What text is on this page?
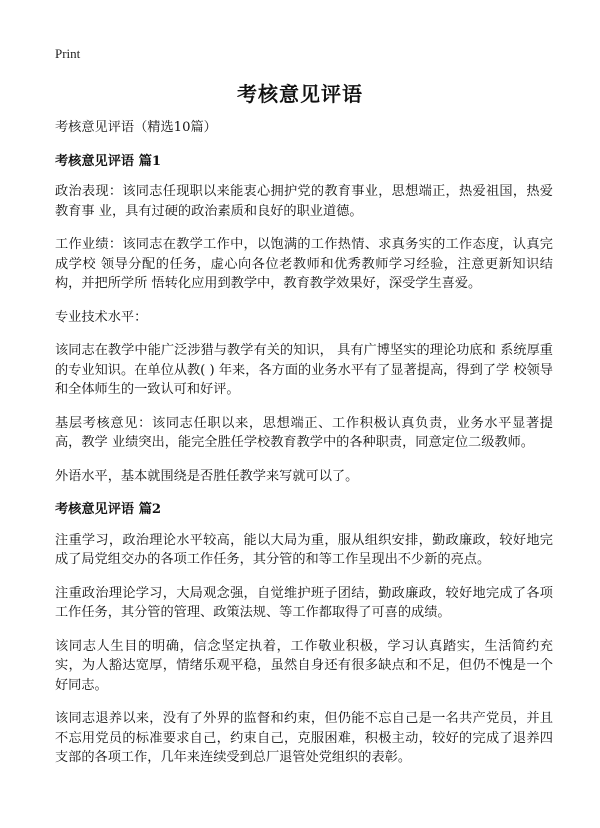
Print
考核意见评语

考核意见评语（精选10篇）

考核意见评语 篇1

政治表现：该同志任现职以来能衷心拥护党的教育事业，思想端正，热爱祖国，热爱教育事 业，具有过硬的政治素质和良好的职业道德。

工作业绩：该同志在教学工作中，以饱满的工作热情、求真务实的工作态度，认真完成学校 领导分配的任务，虚心向各位老教师和优秀教师学习经验，注意更新知识结构，并把所学所 悟转化应用到教学中，教育教学效果好，深受学生喜爱。

专业技术水平：

该同志在教学中能广泛涉猎与教学有关的知识， 具有广博坚实的理论功底和 系统厚重的专业知识。在单位从教( ) 年来，各方面的业务水平有了显著提高，得到了学 校领导和全体师生的一致认可和好评。

基层考核意见：该同志任职以来，思想端正、工作积极认真负责，业务水平显著提高，教学 业绩突出，能完全胜任学校教育教学中的各种职责，同意定位二级教师。

外语水平，基本就围绕是否胜任教学来写就可以了。

考核意见评语 篇2

注重学习，政治理论水平较高，能以大局为重，服从组织安排，勤政廉政，较好地完成了局党组交办的各项工作任务，其分管的和等工作呈现出不少新的亮点。

注重政治理论学习，大局观念强，自觉维护班子团结，勤政廉政，较好地完成了各项工作任务，其分管的管理、政策法规、等工作都取得了可喜的成绩。

该同志人生目的明确，信念坚定执着，工作敬业积极，学习认真踏实，生活简约充实，为人豁达宽厚，情绪乐观平稳，虽然自身还有很多缺点和不足，但仍不愧是一个好同志。

该同志退养以来，没有了外界的监督和约束，但仍能不忘自己是一名共产党员，并且不忘用党员的标准要求自己，约束自己，克服困难，积极主动，较好的完成了退养四支部的各项工作，几年来连续受到总厂退管处党组织的表彰。
